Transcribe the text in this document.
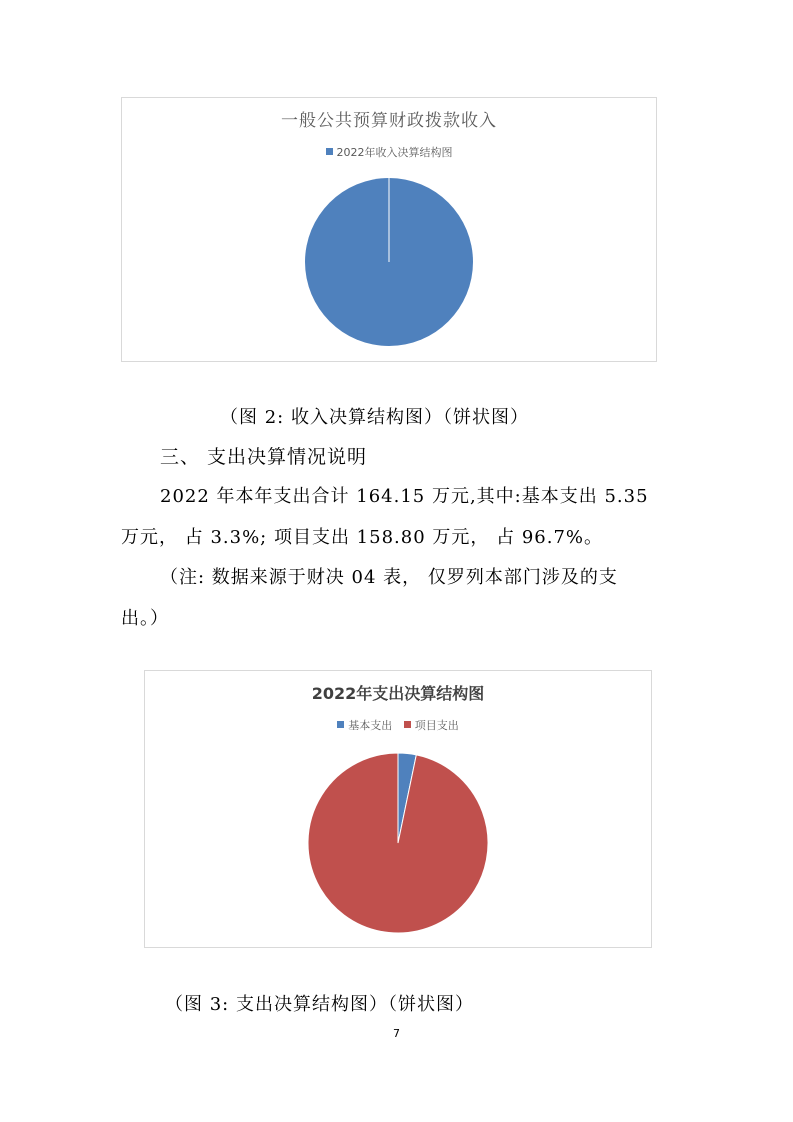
一般公共预算财政拨款收入
2022年收入决算结构图
（图 2: 收入决算结构图）（饼状图）
三、 支出决算情况说明
2022 年本年支出合计 164.15 万元,其中:基本支出 5.35
万元， 占 3.3%; 项目支出 158.80 万元， 占 96.7%。
（注: 数据来源于财决 04 表， 仅罗列本部门涉及的支
出。）
2022年支出决算结构图
基本支出 项目支出
（图 3: 支出决算结构图）（饼状图）
7
